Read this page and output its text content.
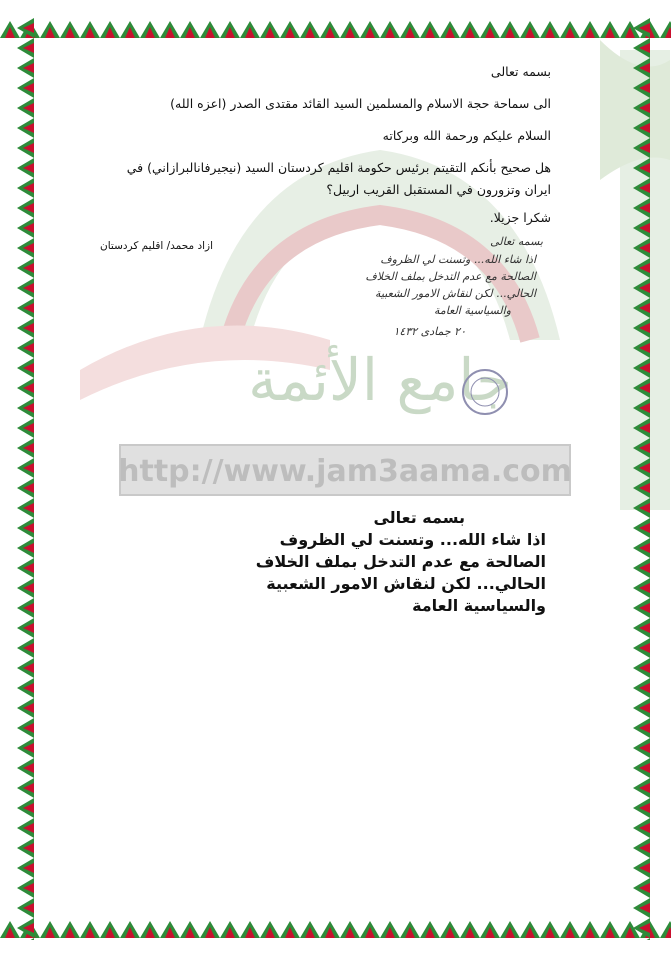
http://www.jam3aama.com
جامع الأئمة
بسمه تعالى
الى سماحة حجة الاسلام والمسلمين السيد القائد مقتدى الصدر (اعزه الله)
السلام عليكم ورحمة الله وبركاته
هل صحيح بأنكم التقيتم برئيس حكومة اقليم كردستان السيد (نيجيرفانالبرازاني) في
ايران وتزورون في المستقبل القريب اربيل؟
شكرا جزيلا.
ازاد محمد/ اقليم كردستان	بسمه تعالى
اذا شاء الله... وتسنت لي الظروف
الصالحة مع عدم التدخل بملف الخلاف
الحالي... لكن لنقاش الامور الشعبية
والسياسية العامة
٢٠ جمادى ١٤٣٢
بسمه تعالى
اذا شاء الله... وتسنت لي الظروف
الصالحة مع عدم التدخل بملف الخلاف
الحالي... لكن لنقاش الامور الشعبية
والسياسية العامة
